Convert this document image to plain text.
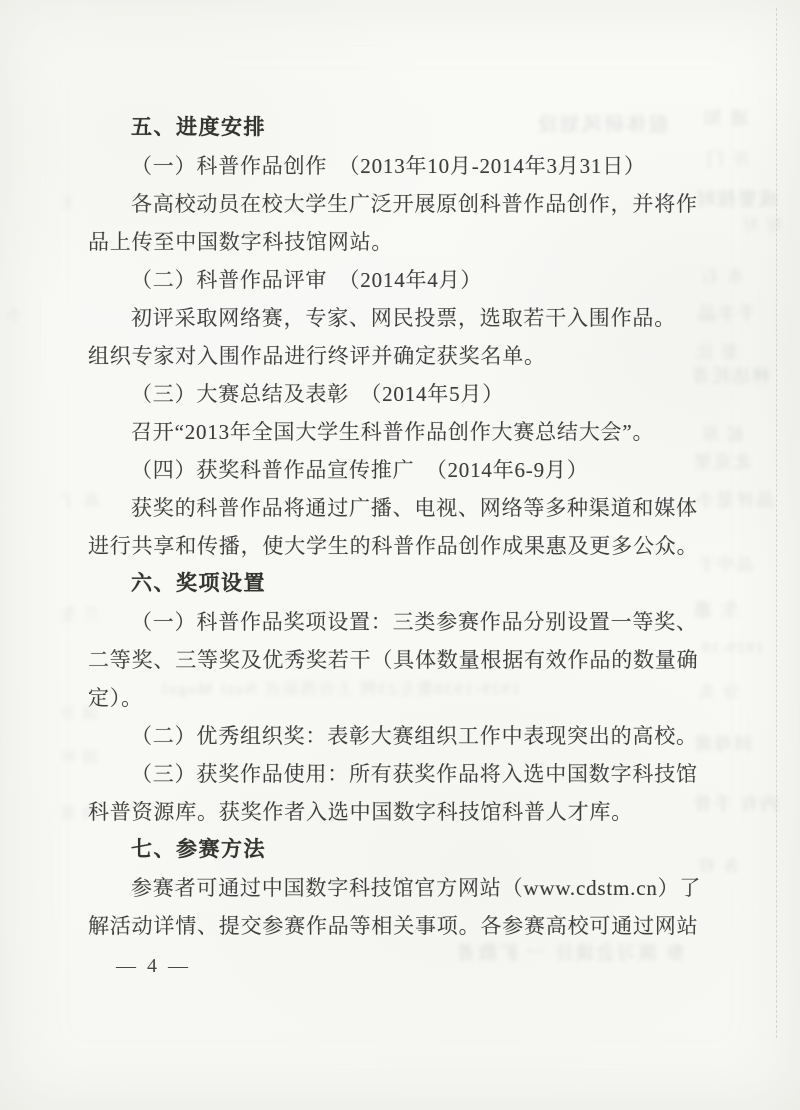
报体研风划设 通 知
开 门
成要按时
好 好
王
水 石
小	千丰品
要 比
林达托青
起 原
北克里
品评是小
高 了
品中于
生 惠
兰 生
1929-1930歌左23例 上台湾站点 Nazi Mogol
1929-10
分 头
国 计
回母席
国 叶
内有 手骨
内 花
各 样
参 演习会谈计 一 扩散者
五、进度安排
（一）科普作品创作　（2013年10月-2014年3月31日）
各高校动员在校大学生广泛开展原创科普作品创作，并将作
品上传至中国数字科技馆网站。
（二）科普作品评审　（2014年4月）
初评采取网络赛，专家、网民投票，选取若干入围作品。
组织专家对入围作品进行终评并确定获奖名单。
（三）大赛总结及表彰　（2014年5月）
召开“2013年全国大学生科普作品创作大赛总结大会”。
（四）获奖科普作品宣传推广　（2014年6-9月）
获奖的科普作品将通过广播、电视、网络等多种渠道和媒体
进行共享和传播，使大学生的科普作品创作成果惠及更多公众。
六、奖项设置
（一）科普作品奖项设置：三类参赛作品分别设置一等奖、
二等奖、三等奖及优秀奖若干（具体数量根据有效作品的数量确
定）。
（二）优秀组织奖：表彰大赛组织工作中表现突出的高校。
（三）获奖作品使用：所有获奖作品将入选中国数字科技馆
科普资源库。获奖作者入选中国数字科技馆科普人才库。
七、参赛方法
参赛者可通过中国数字科技馆官方网站（www.cdstm.cn）了
解活动详情、提交参赛作品等相关事项。各参赛高校可通过网站
— 4 —
